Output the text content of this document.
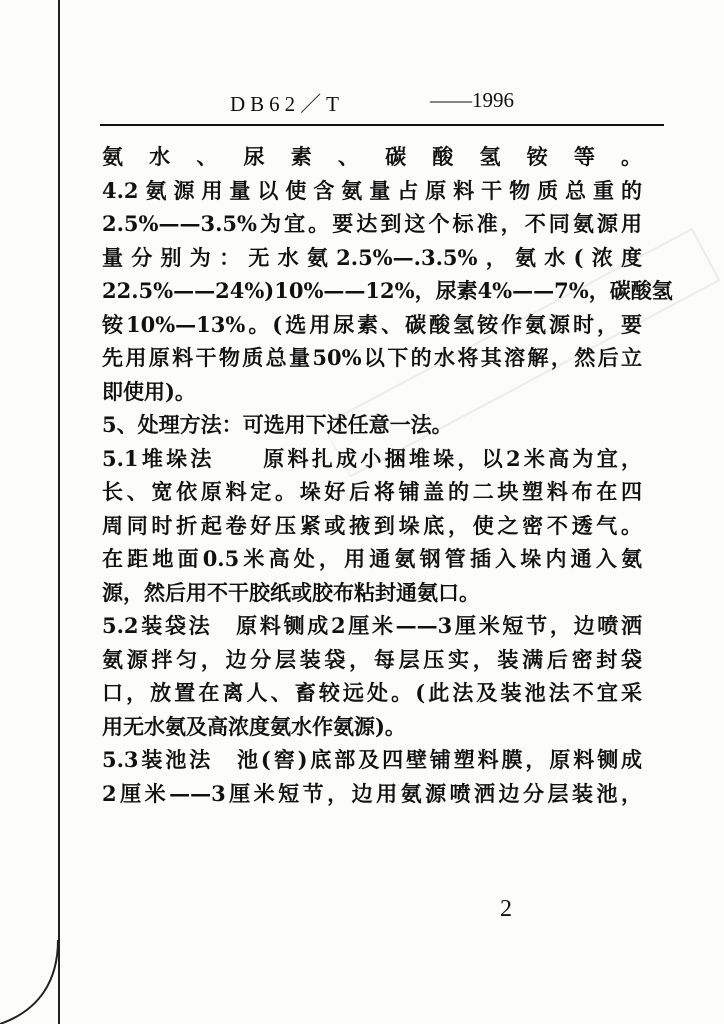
DB62／T	——1996
氨水、尿素、碳酸氢铵等。
4.2氨源用量以使含氨量占原料干物质总重的
2.5%——3.5%为宜。要达到这个标准，不同氨源用
量分别为：无水氨2.5%—.3.5%，氨水(浓度
22.5%——24%)10%——12%，尿素4%——7%，碳酸氢
铵10%—13%。(选用尿素、碳酸氢铵作氨源时，要
先用原料干物质总量50%以下的水将其溶解，然后立
即使用)。
5、处理方法：可选用下述任意一法。
5.1堆垛法　　原料扎成小捆堆垛，以2米高为宜，
长、宽依原料定。垛好后将铺盖的二块塑料布在四
周同时折起卷好压紧或掖到垛底，使之密不透气。
在距地面0.5米高处，用通氨钢管插入垛内通入氨
源，然后用不干胶纸或胶布粘封通氨口。
5.2装袋法　原料铡成2厘米——3厘米短节，边喷洒
氨源拌匀，边分层装袋，每层压实，装满后密封袋
口，放置在离人、畜较远处。(此法及装池法不宜采
用无水氨及高浓度氨水作氨源)。
5.3装池法　池(窖)底部及四壁铺塑料膜，原料铡成
2厘米——3厘米短节，边用氨源喷洒边分层装池，
2
